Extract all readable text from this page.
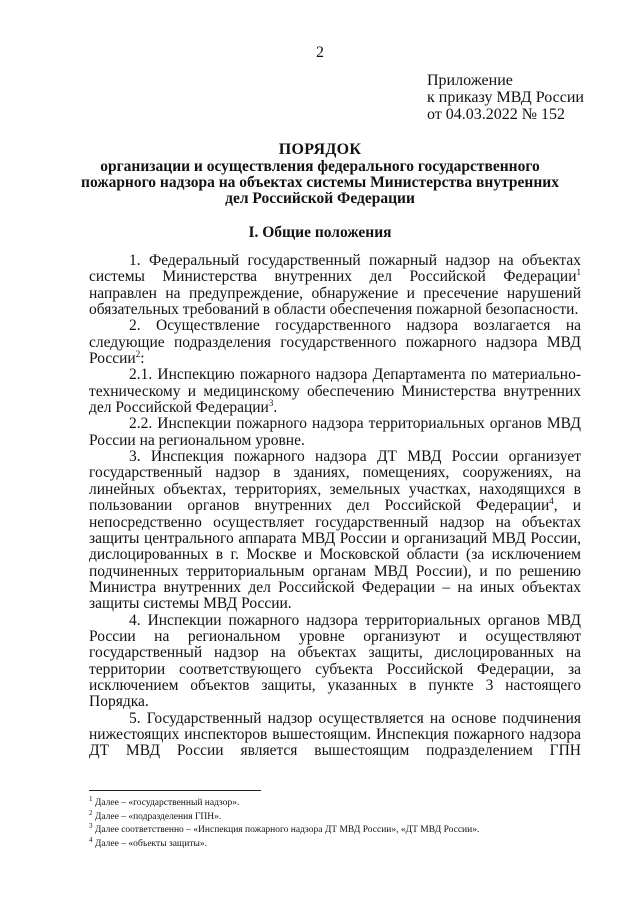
2
Приложение
к приказу МВД России
от 04.03.2022 № 152
ПОРЯДОК
организации и осуществления федерального государственного
пожарного надзора на объектах системы Министерства внутренних
дел Российской Федерации
I. Общие положения

1. Федеральный государственный пожарный надзор на объектах системы Министерства внутренних дел Российской Федерации$^1$ направлен на предупреждение, обнаружение и пресечение нарушений обязательных требований в области обеспечения пожарной безопасности.

2. Осуществление государственного надзора возлагается на следующие подразделения государственного пожарного надзора МВД России$^2$:

2.1. Инспекцию пожарного надзора Департамента по материально-техническому и медицинскому обеспечению Министерства внутренних дел Российской Федерации$^3$.

2.2. Инспекции пожарного надзора территориальных органов МВД России на региональном уровне.

3. Инспекция пожарного надзора ДТ МВД России организует государственный надзор в зданиях, помещениях, сооружениях, на линейных объектах, территориях, земельных участках, находящихся в пользовании органов внутренних дел Российской Федерации$^4$, и непосредственно осуществляет государственный надзор на объектах защиты центрального аппарата МВД России и организаций МВД России, дислоцированных в г. Москве и Московской области (за исключением подчиненных территориальным органам МВД России), и по решению Министра внутренних дел Российской Федерации – на иных объектах защиты системы МВД России.

4. Инспекции пожарного надзора территориальных органов МВД России на региональном уровне организуют и осуществляют государственный надзор на объектах защиты, дислоцированных на территории соответствующего субъекта Российской Федерации, за исключением объектов защиты, указанных в пункте 3 настоящего Порядка.

5. Государственный надзор осуществляется на основе подчинения нижестоящих инспекторов вышестоящим. Инспекция пожарного надзора ДТ МВД России является вышестоящим подразделением ГПН

$^1$ Далее – «государственный надзор».
$^2$ Далее – «подразделения ГПН».
$^3$ Далее соответственно – «Инспекция пожарного надзора ДТ МВД России», «ДТ МВД России».
$^4$ Далее – «объекты защиты».
